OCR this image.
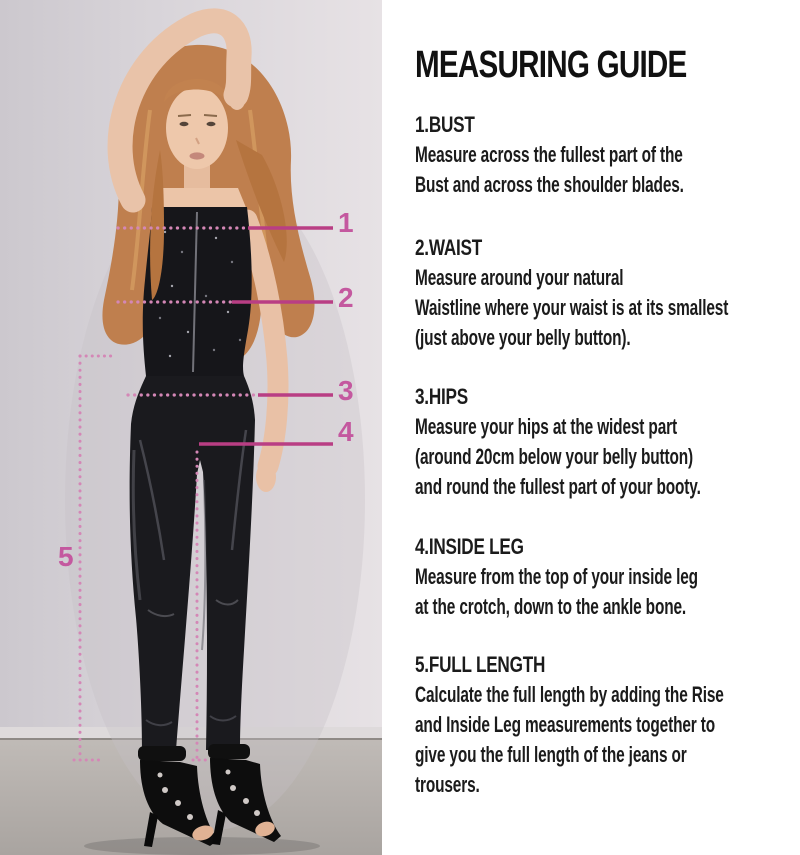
1
2
3
4
5
MEASURING GUIDE
1.BUST
Measure across the fullest part of the
Bust and across the shoulder blades.
2.WAIST
Measure around your natural
Waistline where your waist is at its smallest
(just above your belly button).
3.HIPS
Measure your hips at the widest part
(around 20cm below your belly button)
and round the fullest part of your booty.
4.INSIDE LEG
Measure from the top of your inside leg
at the crotch, down to the ankle bone.
5.FULL LENGTH
Calculate the full length by adding the Rise
and Inside Leg measurements together to
give you the full length of the jeans or
trousers.
